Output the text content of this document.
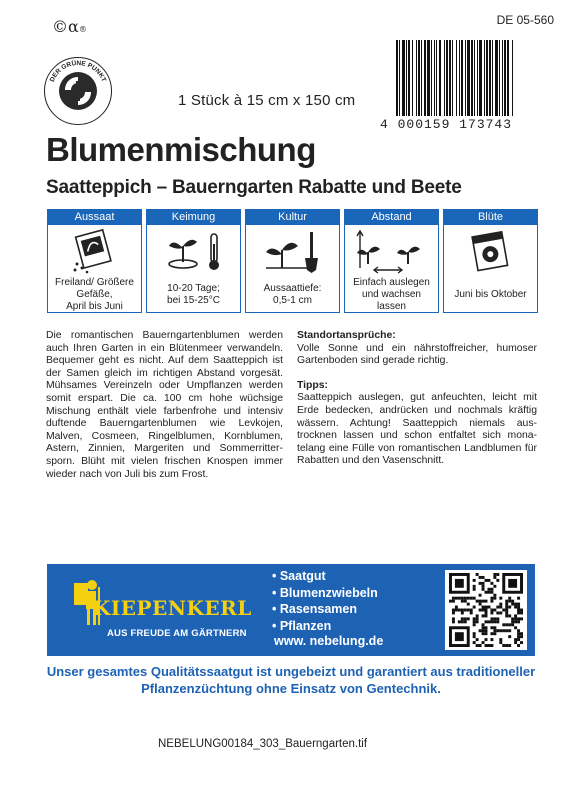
©α®
DE 05-560
DER GRÜNE PUNKT
1 Stück à 15 cm x 150 cm
4 000159 173743
Blumenmischung
Saatteppich – Bauerngarten Rabatte und Beete
Aussaat
Freiland/ Größere
Gefäße,
April bis Juni
Keimung
10-20 Tage;
bei 15-25°C
Kultur
Aussaattiefe:
0,5-1 cm
Abstand
Einfach auslegen
und wachsen
lassen
Blüte
Juni bis Oktober
Die romantischen Bauerngartenblumen werden auch Ihren Garten in ein Blütenmeer verwandeln. Bequemer geht es nicht. Auf dem Saatteppich ist der Samen gleich im richtigen Abstand vorgesät. Mühsames Vereinzeln oder Umpflanzen werden somit erspart. Die ca. 100 cm hohe wüchsige Mischung enthält viele farbenfrohe und intensiv duftende Bauerngartenblumen wie Levkojen, Malven, Cosmeen, Ringelblumen, Kornblumen, Astern, Zinnien, Margeriten und Sommerrittersporn. Blüht mit vielen frischen Knospen immer wieder nach von Juli bis zum Frost.
Standortansprüche:

Volle Sonne und ein nährstoffreicher, humoser Gartenboden sind gerade richtig.

Tipps:

Saatteppich auslegen, gut anfeuchten, leicht mit Erde bedecken, andrücken und nochmals kräftig wässern. Achtung! Saatteppich niemals austrocknen lassen und schon entfaltet sich monatelang eine Fülle von romantischen Landblumen für Rabatten und den Vasenschnitt.

KIEPENKERL
AUS FREUDE AM GÄRTNERN
• Saatgut
• Blumenzwiebeln
• Rasensamen
• Pflanzen
www. nebelung.de
Unser gesamtes Qualitätssaatgut ist ungebeizt und garantiert aus traditioneller Pflanzenzüchtung ohne Einsatz von Gentechnik.
NEBELUNG00184_303_Bauerngarten.tif
